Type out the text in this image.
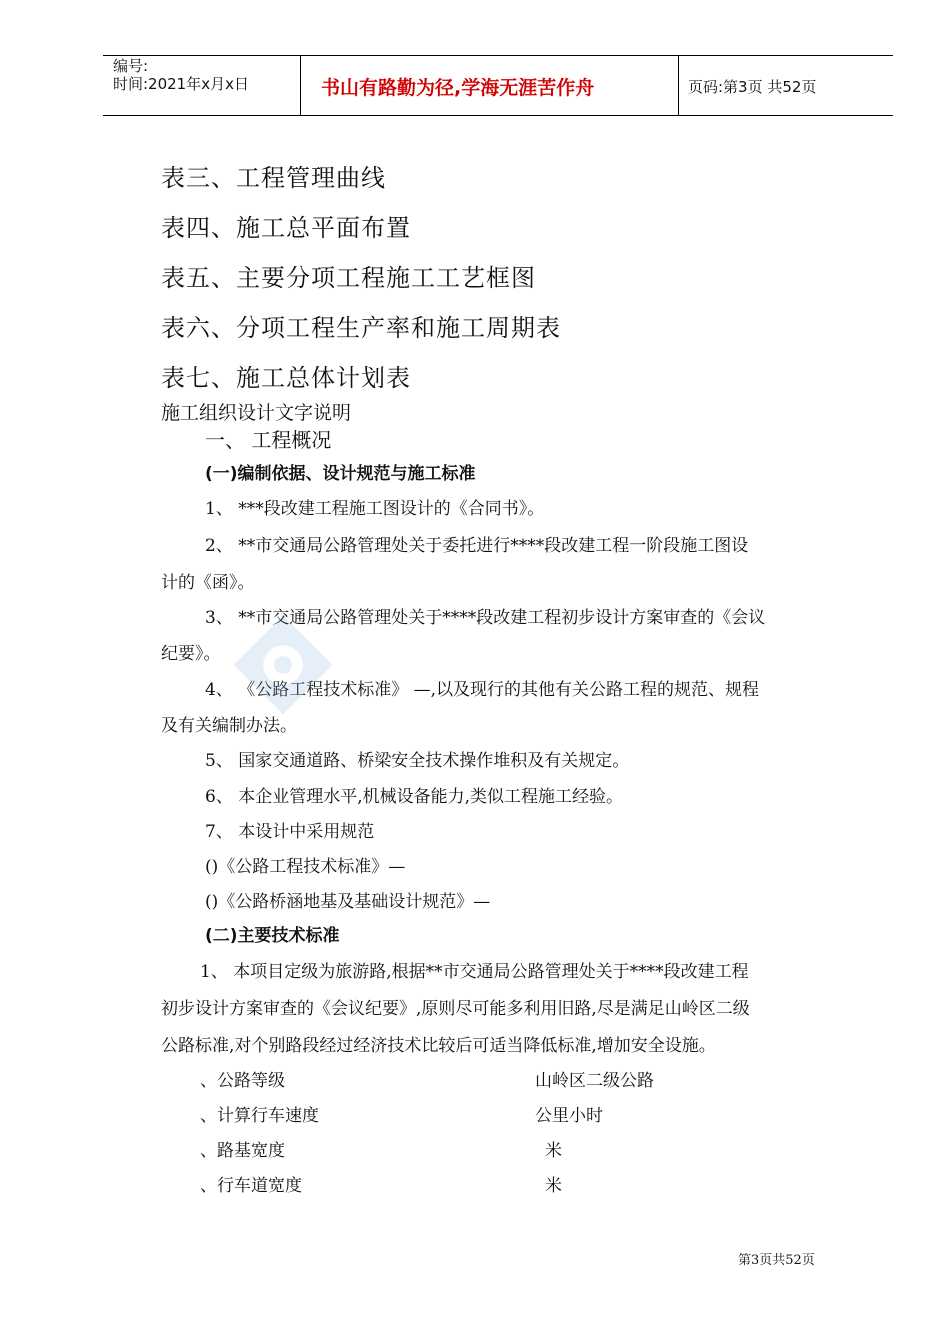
编号:
时间:2021年x月x日	书山有路勤为径,学海无涯苦作舟	页码:第3页 共52页
表三、工程管理曲线
表四、施工总平面布置
表五、主要分项工程施工工艺框图
表六、分项工程生产率和施工周期表
表七、施工总体计划表
施工组织设计文字说明
一、 工程概况
(一)编制依据、设计规范与施工标准
1、 ***段改建工程施工图设计的《合同书》。
2、 **市交通局公路管理处关于委托进行****段改建工程一阶段施工图设
计的《函》。
3、 **市交通局公路管理处关于****段改建工程初步设计方案审查的《会议
纪要》。
4、 《公路工程技术标准》 —,以及现行的其他有关公路工程的规范、规程
及有关编制办法。
5、 国家交通道路、桥梁安全技术操作堆积及有关规定。
6、 本企业管理水平,机械设备能力,类似工程施工经验。
7、 本设计中采用规范
()《公路工程技术标准》—
()《公路桥涵地基及基础设计规范》—
(二)主要技术标准
1、 本项目定级为旅游路,根据**市交通局公路管理处关于****段改建工程
初步设计方案审查的《会议纪要》,原则尽可能多利用旧路,尽是满足山岭区二级
公路标准,对个别路段经过经济技术比较后可适当降低标准,增加安全设施。
、公路等级	山岭区二级公路
、计算行车速度	公里小时
、路基宽度	米
、行车道宽度	米
第3页共52页
